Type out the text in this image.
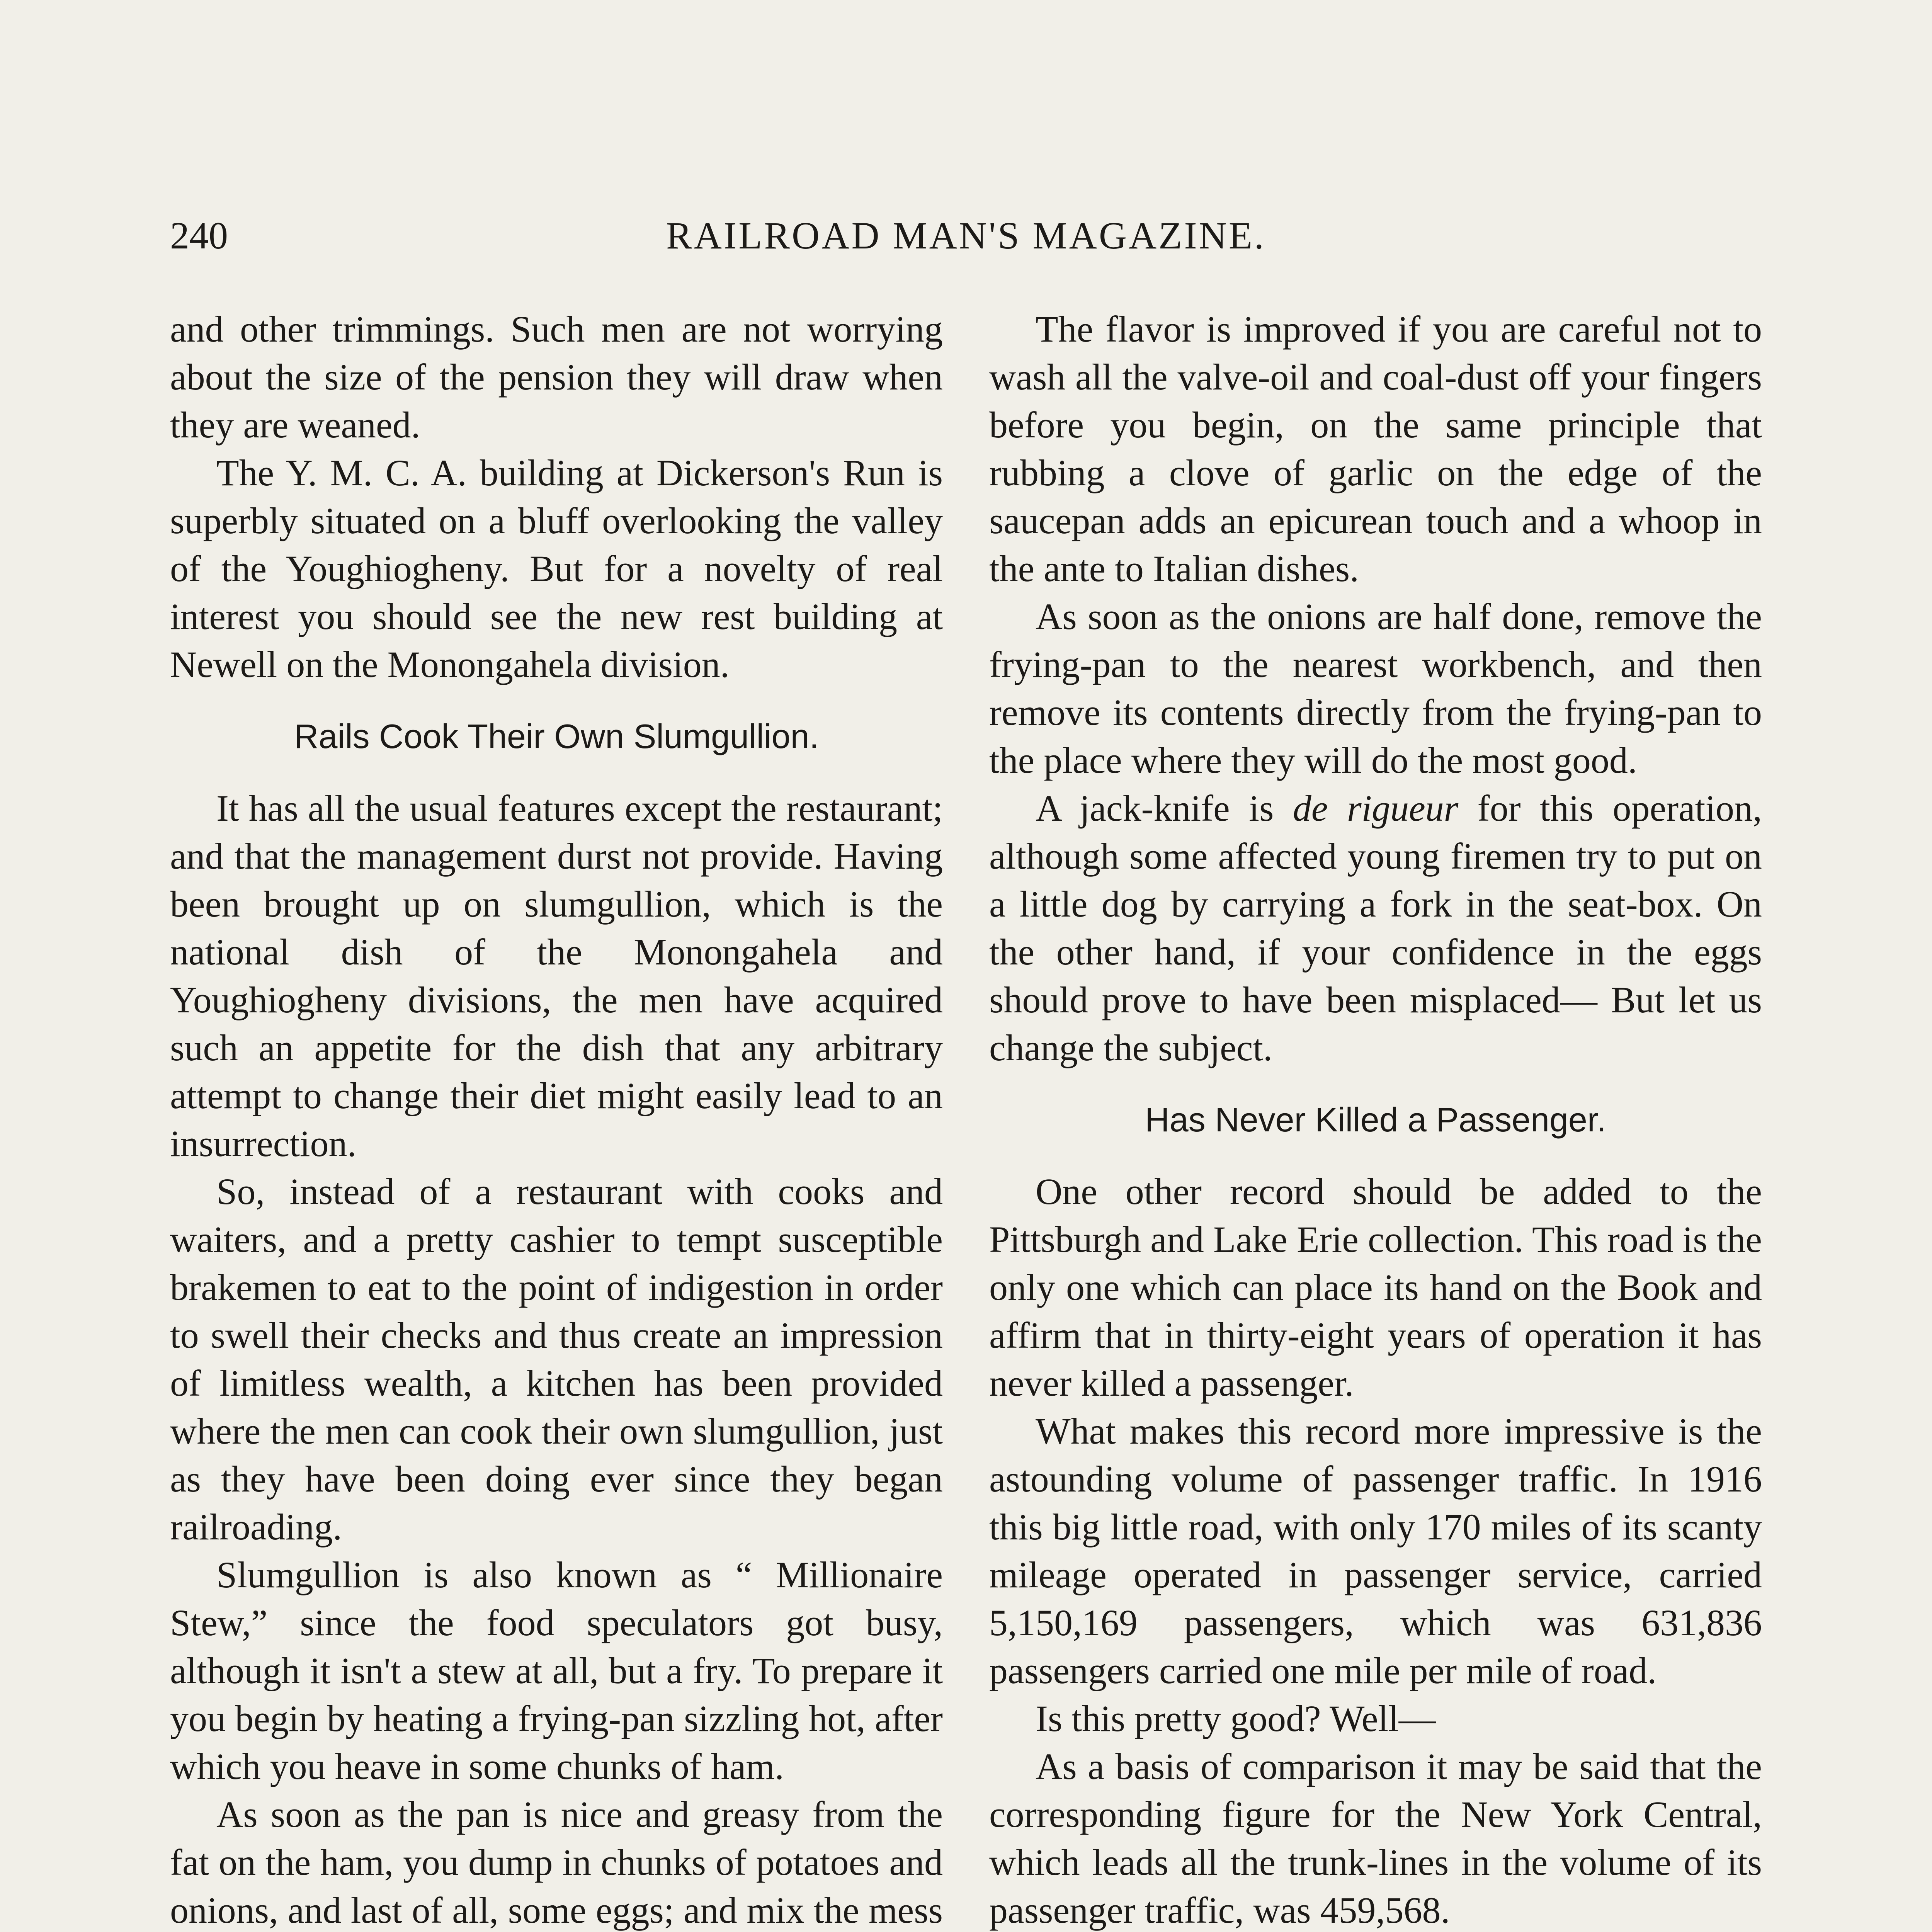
240	RAILROAD MAN'S MAGAZINE.

and other trimmings. Such men are not worrying about the size of the pension they will draw when they are weaned.

The Y. M. C. A. building at Dickerson's Run is superbly situated on a bluff overlooking the valley of the Youghiogheny. But for a novelty of real interest you should see the new rest building at Newell on the Monongahela division.

Rails Cook Their Own Slumgullion.

It has all the usual features except the restaurant; and that the management durst not provide. Having been brought up on slumgullion, which is the national dish of the Monongahela and Youghiogheny divisions, the men have acquired such an appetite for the dish that any arbitrary attempt to change their diet might easily lead to an insurrection.

So, instead of a restaurant with cooks and waiters, and a pretty cashier to tempt susceptible brakemen to eat to the point of indigestion in order to swell their checks and thus create an impression of limitless wealth, a kitchen has been provided where the men can cook their own slumgullion, just as they have been doing ever since they began railroading.

Slumgullion is also known as “ Millionaire Stew,” since the food speculators got busy, although it isn't a stew at all, but a fry. To prepare it you begin by heating a frying-pan sizzling hot, after which you heave in some chunks of ham.

As soon as the pan is nice and greasy from the fat on the ham, you dump in chunks of potatoes and onions, and last of all, some eggs; and mix the mess

The flavor is improved if you are careful not to wash all the valve-oil and coal-dust off your fingers before you begin, on the same principle that rubbing a clove of garlic on the edge of the saucepan adds an epicurean touch and a whoop in the ante to Italian dishes.

As soon as the onions are half done, remove the frying-pan to the nearest workbench, and then remove its contents directly from the frying-pan to the place where they will do the most good.

A jack-knife is de rigueur for this operation, although some affected young firemen try to put on a little dog by carrying a fork in the seat-box. On the other hand, if your confidence in the eggs should prove to have been misplaced— But let us change the subject.

Has Never Killed a Passenger.

One other record should be added to the Pittsburgh and Lake Erie collection. This road is the only one which can place its hand on the Book and affirm that in thirty-eight years of operation it has never killed a passenger.

What makes this record more impressive is the astounding volume of passenger traffic. In 1916 this big little road, with only 170 miles of its scanty mileage operated in passenger service, carried 5,150,169 passengers, which was 631,836 passengers carried one mile per mile of road.

Is this pretty good? Well—

As a basis of comparison it may be said that the corresponding figure for the New York Central, which leads all the trunk-lines in the volume of its passenger traffic, was 459,568.
